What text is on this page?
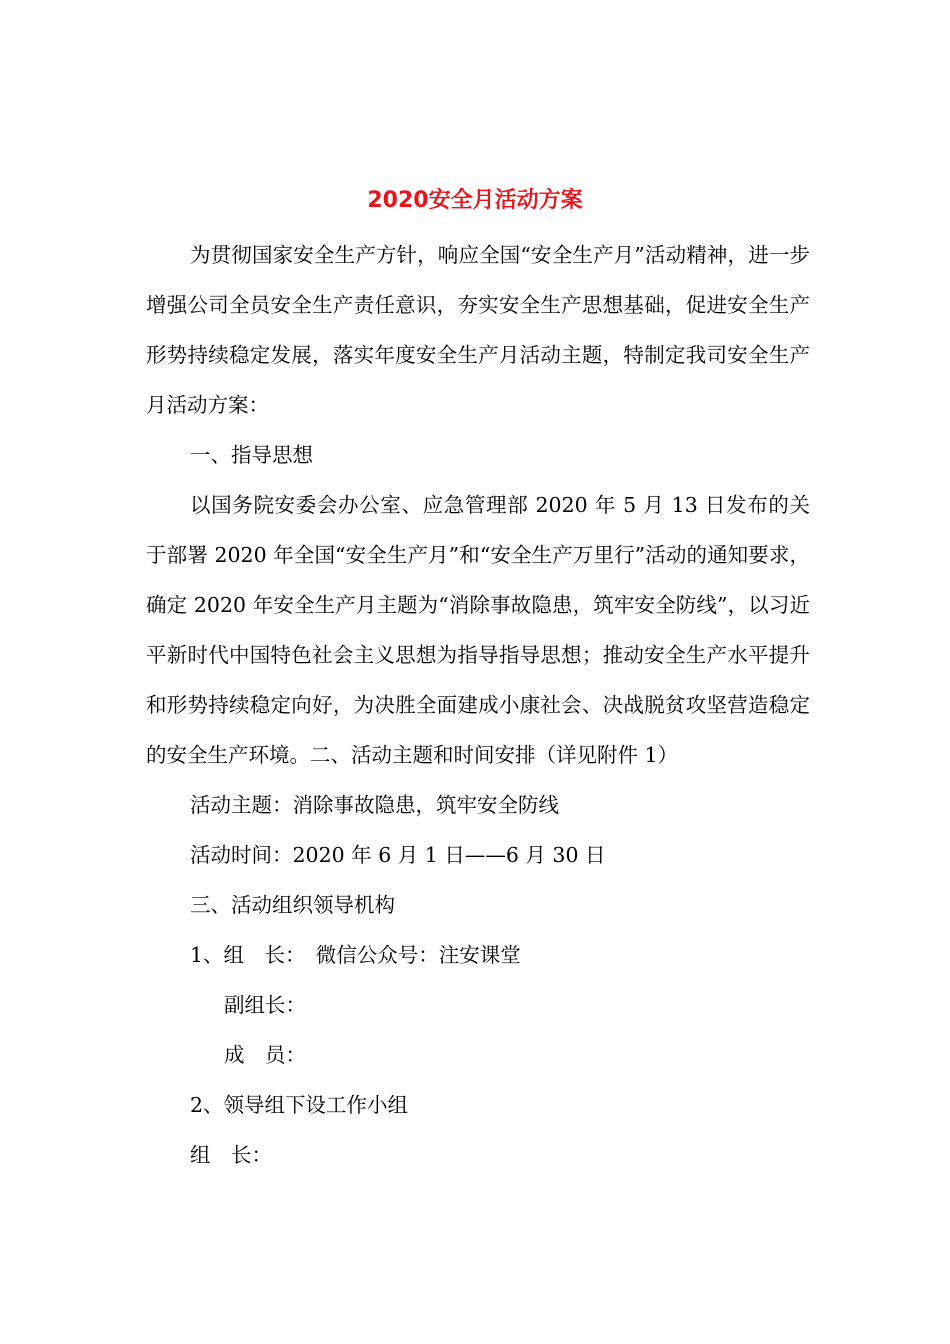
2020安全月活动方案

为贯彻国家安全生产方针，响应全国“安全生产月”活动精神，进一步增强公司全员安全生产责任意识，夯实安全生产思想基础，促进安全生产形势持续稳定发展，落实年度安全生产月活动主题，特制定我司安全生产月活动方案：

一、指导思想

以国务院安委会办公室、应急管理部 2020 年 5 月 13 日发布的关于部署 2020 年全国“安全生产月”和“安全生产万里行”活动的通知要求，确定 2020 年安全生产月主题为“消除事故隐患，筑牢安全防线”，以习近平新时代中国特色社会主义思想为指导指导思想；推动安全生产水平提升和形势持续稳定向好，为决胜全面建成小康社会、决战脱贫攻坚营造稳定的安全生产环境。二、活动主题和时间安排（详见附件 1）

活动主题：消除事故隐患，筑牢安全防线

活动时间：2020 年 6 月 1 日——6 月 30 日

三、活动组织领导机构

1、组　长：　微信公众号：注安课堂

副组长：

成　员：

2、领导组下设工作小组

组　长：
